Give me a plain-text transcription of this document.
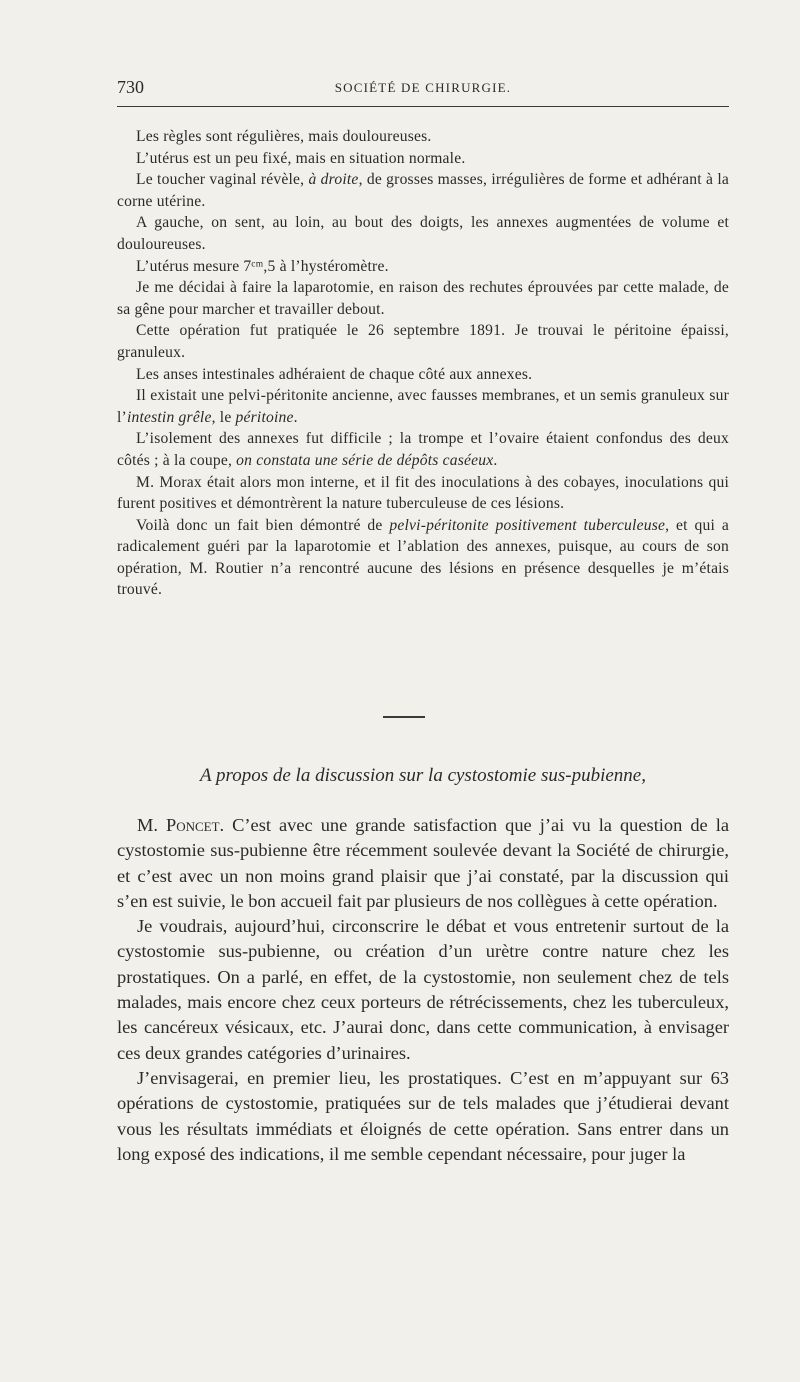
730	SOCIÉTÉ DE CHIRURGIE.

Les règles sont régulières, mais douloureuses.

L’utérus est un peu fixé, mais en situation normale.

Le toucher vaginal révèle, à droite, de grosses masses, irrégulières de forme et adhérant à la corne utérine.

A gauche, on sent, au loin, au bout des doigts, les annexes augmentées de volume et douloureuses.

L’utérus mesure 7ᶜᵐ,5 à l’hystéromètre.

Je me décidai à faire la laparotomie, en raison des rechutes éprouvées par cette malade, de sa gêne pour marcher et travailler debout.

Cette opération fut pratiquée le 26 septembre 1891. Je trouvai le péritoine épaissi, granuleux.

Les anses intestinales adhéraient de chaque côté aux annexes.

Il existait une pelvi-péritonite ancienne, avec fausses membranes, et un semis granuleux sur l’intestin grêle, le péritoine.

L’isolement des annexes fut difficile ; la trompe et l’ovaire étaient confondus des deux côtés ; à la coupe, on constata une série de dépôts caséeux.

M. Morax était alors mon interne, et il fit des inoculations à des cobayes, inoculations qui furent positives et démontrèrent la nature tuberculeuse de ces lésions.

Voilà donc un fait bien démontré de pelvi-péritonite positivement tuberculeuse, et qui a radicalement guéri par la laparotomie et l’ablation des annexes, puisque, au cours de son opération, M. Routier n’a rencontré aucune des lésions en présence desquelles je m’étais trouvé.

A propos de la discussion sur la cystostomie sus-pubienne,

M. Poncet. C’est avec une grande satisfaction que j’ai vu la question de la cystostomie sus-pubienne être récemment soulevée devant la Société de chirurgie, et c’est avec un non moins grand plaisir que j’ai constaté, par la discussion qui s’en est suivie, le bon accueil fait par plusieurs de nos collègues à cette opération.

Je voudrais, aujourd’hui, circonscrire le débat et vous entretenir surtout de la cystostomie sus-pubienne, ou création d’un urètre contre nature chez les prostatiques. On a parlé, en effet, de la cystostomie, non seulement chez de tels malades, mais encore chez ceux porteurs de rétrécissements, chez les tuberculeux, les cancéreux vésicaux, etc. J’aurai donc, dans cette communication, à envisager ces deux grandes catégories d’urinaires.

J’envisagerai, en premier lieu, les prostatiques. C’est en m’appuyant sur 63 opérations de cystostomie, pratiquées sur de tels malades que j’étudierai devant vous les résultats immédiats et éloignés de cette opération. Sans entrer dans un long exposé des indications, il me semble cependant nécessaire, pour juger la
